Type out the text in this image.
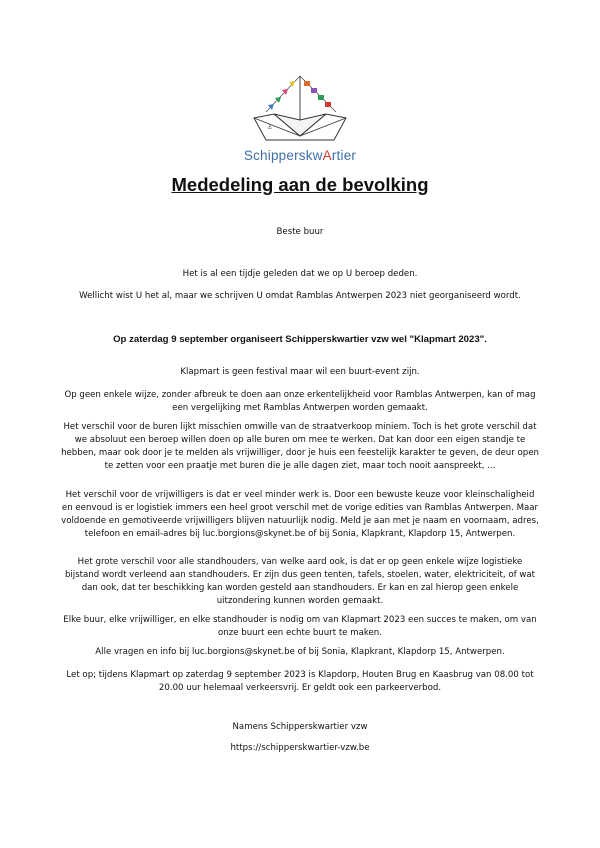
⚓
SchipperskwArtier
Mededeling aan de bevolking

Beste buur

Het is al een tijdje geleden dat we op U beroep deden.

Wellicht wist U het al, maar we schrijven U omdat Ramblas Antwerpen 2023 niet georganiseerd wordt.

Op zaterdag 9 september organiseert Schipperskwartier vzw wel "Klapmart 2023".

Klapmart is geen festival maar wil een buurt-event zijn.

Op geen enkele wijze, zonder afbreuk te doen aan onze erkentelijkheid voor Ramblas Antwerpen, kan of mag een vergelijking met Ramblas Antwerpen worden gemaakt.

Het verschil voor de buren lijkt misschien omwille van de straatverkoop miniem. Toch is het grote verschil dat we absoluut een beroep willen doen op alle buren om mee te werken. Dat kan door een eigen standje te hebben, maar ook door je te melden als vrijwilliger, door je huis een feestelijk karakter te geven, de deur open te zetten voor een praatje met buren die je alle dagen ziet, maar toch nooit aanspreekt, ...

Het verschil voor de vrijwilligers is dat er veel minder werk is. Door een bewuste keuze voor kleinschaligheid en eenvoud is er logistiek immers een heel groot verschil met de vorige edities van Ramblas Antwerpen. Maar voldoende en gemotiveerde vrijwilligers blijven natuurlijk nodig. Meld je aan met je naam en voornaam, adres, telefoon en email-adres bij luc.borgions@skynet.be of bij Sonia, Klapkrant, Klapdorp 15, Antwerpen.

Het grote verschil voor alle standhouders, van welke aard ook, is dat er op geen enkele wijze logistieke bijstand wordt verleend aan standhouders. Er zijn dus geen tenten, tafels, stoelen, water, elektriciteit, of wat dan ook, dat ter beschikking kan worden gesteld aan standhouders. Er kan en zal hierop geen enkele uitzondering kunnen worden gemaakt.

Elke buur, elke vrijwilliger, en elke standhouder is nodig om van Klapmart 2023 een succes te maken, om van onze buurt een echte buurt te maken.

Alle vragen en info bij luc.borgions@skynet.be of bij Sonia, Klapkrant, Klapdorp 15, Antwerpen.

Let op; tijdens Klapmart op zaterdag 9 september 2023 is Klapdorp, Houten Brug en Kaasbrug van 08.00 tot 20.00 uur helemaal verkeersvrij. Er geldt ook een parkeerverbod.

Namens Schipperskwartier vzw

https://schipperskwartier-vzw.be
